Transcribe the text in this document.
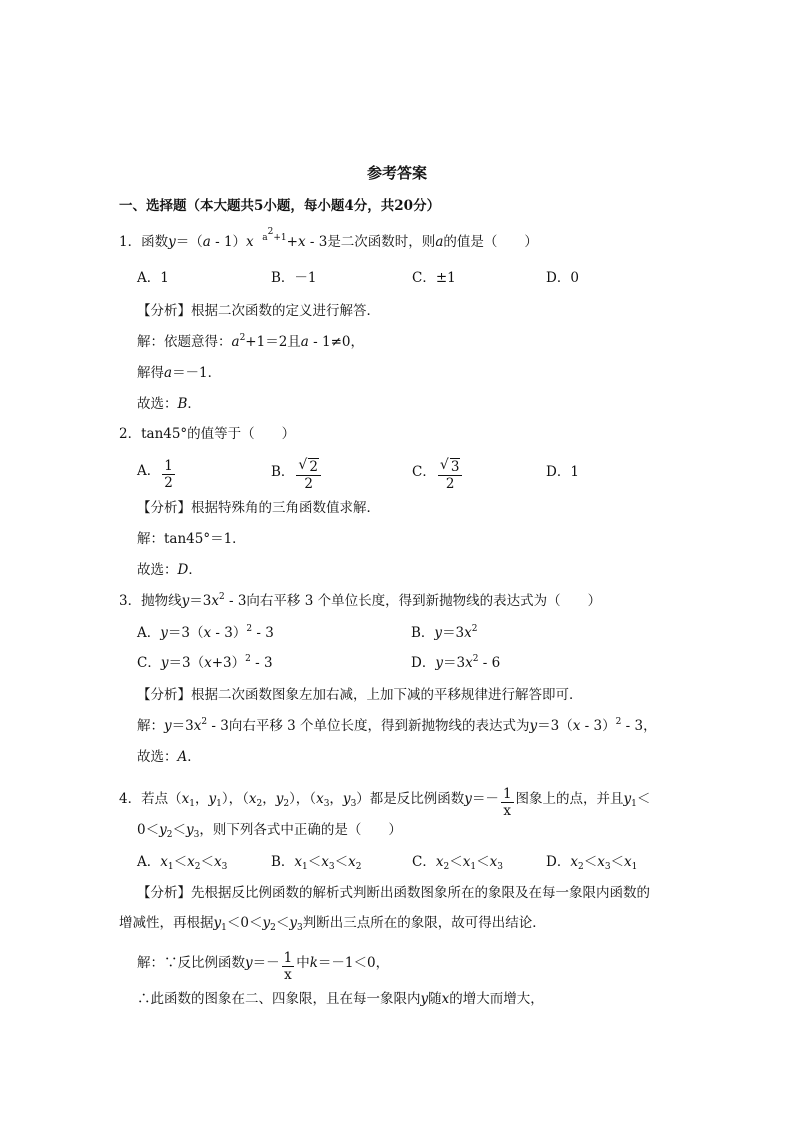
参考答案
一、选择题（本大题共5小题，每小题4分，共20分）
1．函数y＝（a - 1）x $^{a^2+1}$+x - 3是二次函数时，则a的值是（　　）
A．1	B．－1	C．±1	D．0
【分析】根据二次函数的定义进行解答．
解：依题意得：$a^2+1=2$且a - 1≠0，
解得a＝－1．
故选：B．
2．tan45°的值等于（　　）
A． $\frac{1}{2}$	B． √ $\frac{2}{2}$	C． √ $\frac{3}{2}$	D．1
【分析】根据特殊角的三角函数值求解．
解：tan45°＝1．
故选：D．
3．抛物线$y=3x^2 - 3$向右平移 3 个单位长度，得到新抛物线的表达式为（　　）
A．y＝3（x - 3）$^2$ - 3	B．$y=3x^2$
C．$y=3(x+3)^2 - 3$	D．$y=3x^2 - 6$
【分析】根据二次函数图象左加右减，上加下减的平移规律进行解答即可．
解：$y=3x^2 - 3$向右平移 3 个单位长度，得到新抛物线的表达式为y＝3（x - 3）$^2$ - 3，
故选：A．
4．若点（$x_1$，$y_1$），（$x_2$，$y_2$），（$x_3$，$y_3$）都是反比例函数$y=- \frac{1}{x}$ 图象上的点，并且$y_1<$
$0<y_2<y_3$，则下列各式中正确的是（　　）
A．$x_1<x_2<x_3$	B．$x_1<x_3<x_2$	C．$x_2<x_1<x_3$	D．$x_2<x_3<x_1$
【分析】先根据反比例函数的解析式判断出函数图象所在的象限及在每一象限内函数的
增减性，再根据$y_1<0<y_2<y_3$判断出三点所在的象限，故可得出结论．
解：∵反比例函数$y=- \frac{1}{x}$ 中k＝－1＜0，
∴此函数的图象在二、四象限，且在每一象限内y随x的增大而增大，
